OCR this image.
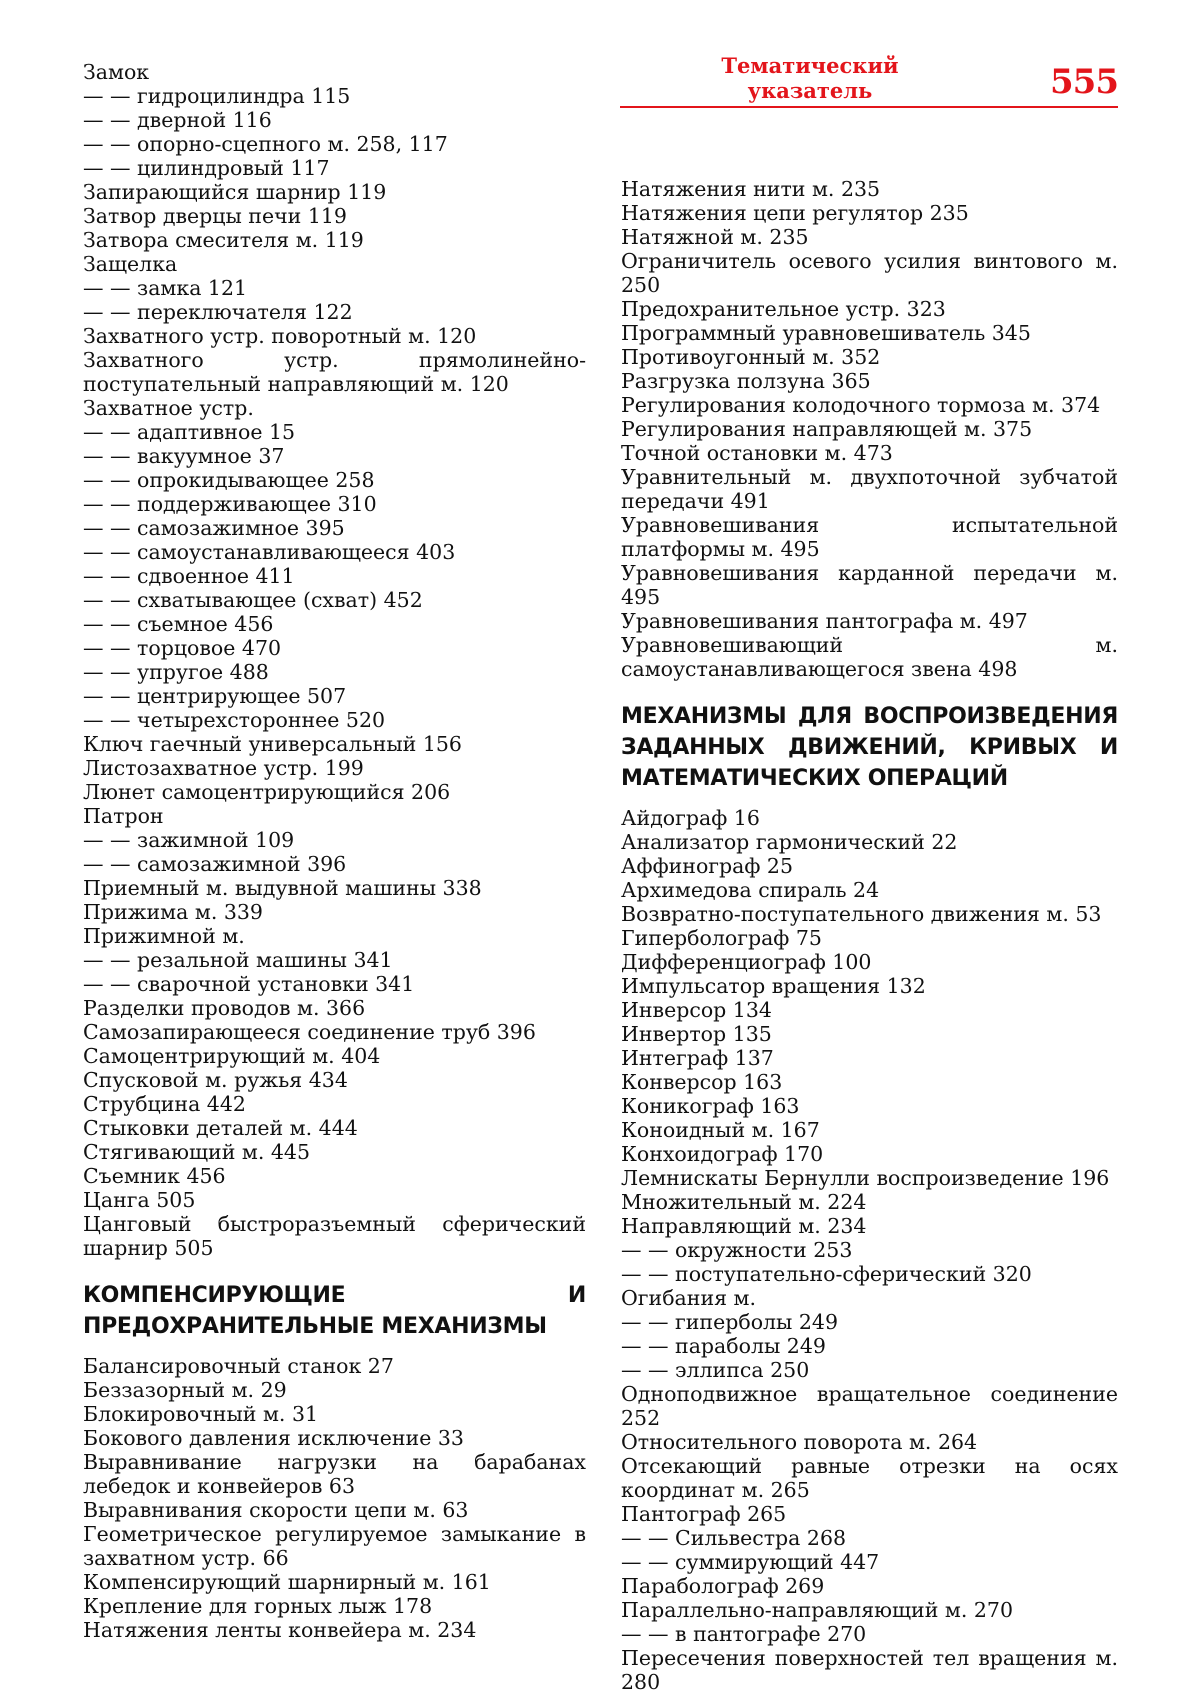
Тематический
указатель	555
Замок
— — гидроцилиндра 115
— — дверной 116
— — опорно-сцепного м. 258, 117
— — цилиндровый 117
Запирающийся шарнир 119
Затвор дверцы печи 119
Затвора смесителя м. 119
Защелка
— — замка 121
— — переключателя 122
Захватного устр. поворотный м. 120
Захватного устр. прямолинейно-поступательный направляющий м. 120
Захватное устр.
— — адаптивное 15
— — вакуумное 37
— — опрокидывающее 258
— — поддерживающее 310
— — самозажимное 395
— — самоустанавливающееся 403
— — сдвоенное 411
— — схватывающее (схват) 452
— — съемное 456
— — торцовое 470
— — упругое 488
— — центрирующее 507
— — четырехстороннее 520
Ключ гаечный универсальный 156
Листозахватное устр. 199
Люнет самоцентрирующийся 206
Патрон
— — зажимной 109
— — самозажимной 396
Приемный м. выдувной машины 338
Прижима м. 339
Прижимной м.
— — резальной машины 341
— — сварочной установки 341
Разделки проводов м. 366
Самозапирающееся соединение труб 396
Самоцентрирующий м. 404
Спусковой м. ружья 434
Струбцина 442
Стыковки деталей м. 444
Стягивающий м. 445
Съемник 456
Цанга 505
Цанговый быстроразъемный сферический шарнир 505
КОМПЕНСИРУЮЩИЕ И ПРЕДОХРАНИТЕЛЬНЫЕ МЕХАНИЗМЫ
Балансировочный станок 27
Беззазорный м. 29
Блокировочный м. 31
Бокового давления исключение 33
Выравнивание нагрузки на барабанах лебедок и конвейеров 63
Выравнивания скорости цепи м. 63
Геометрическое регулируемое замыкание в захватном устр. 66
Компенсирующий шарнирный м. 161
Крепление для горных лыж 178
Натяжения ленты конвейера м. 234
Натяжения нити м. 235
Натяжения цепи регулятор 235
Натяжной м. 235
Ограничитель осевого усилия винтового м. 250
Предохранительное устр. 323
Программный уравновешиватель 345
Противоугонный м. 352
Разгрузка ползуна 365
Регулирования колодочного тормоза м. 374
Регулирования направляющей м. 375
Точной остановки м. 473
Уравнительный м. двухпоточной зубчатой передачи 491
Уравновешивания испытательной платформы м. 495
Уравновешивания карданной передачи м. 495
Уравновешивания пантографа м. 497
Уравновешивающий м. самоустанавливающегося звена 498
МЕХАНИЗМЫ ДЛЯ ВОСПРОИЗВЕДЕНИЯ ЗАДАННЫХ ДВИЖЕНИЙ, КРИВЫХ И МАТЕМАТИЧЕСКИХ ОПЕРАЦИЙ
Айдограф 16
Анализатор гармонический 22
Аффинограф 25
Архимедова спираль 24
Возвратно-поступательного движения м. 53
Гиперболограф 75
Дифференциограф 100
Импульсатор вращения 132
Инверсор 134
Инвертор 135
Интеграф 137
Конверсор 163
Коникограф 163
Коноидный м. 167
Конхоидограф 170
Лемнискаты Бернулли воспроизведение 196
Множительный м. 224
Направляющий м. 234
— — окружности 253
— — поступательно-сферический 320
Огибания м.
— — гиперболы 249
— — параболы 249
— — эллипса 250
Одноподвижное вращательное соединение 252
Относительного поворота м. 264
Отсекающий равные отрезки на осях координат м. 265
Пантограф 265
— — Сильвестра 268
— — суммирующий 447
Параболограф 269
Параллельно-направляющий м. 270
— — в пантографе 270
Пересечения поверхностей тел вращения м. 280
